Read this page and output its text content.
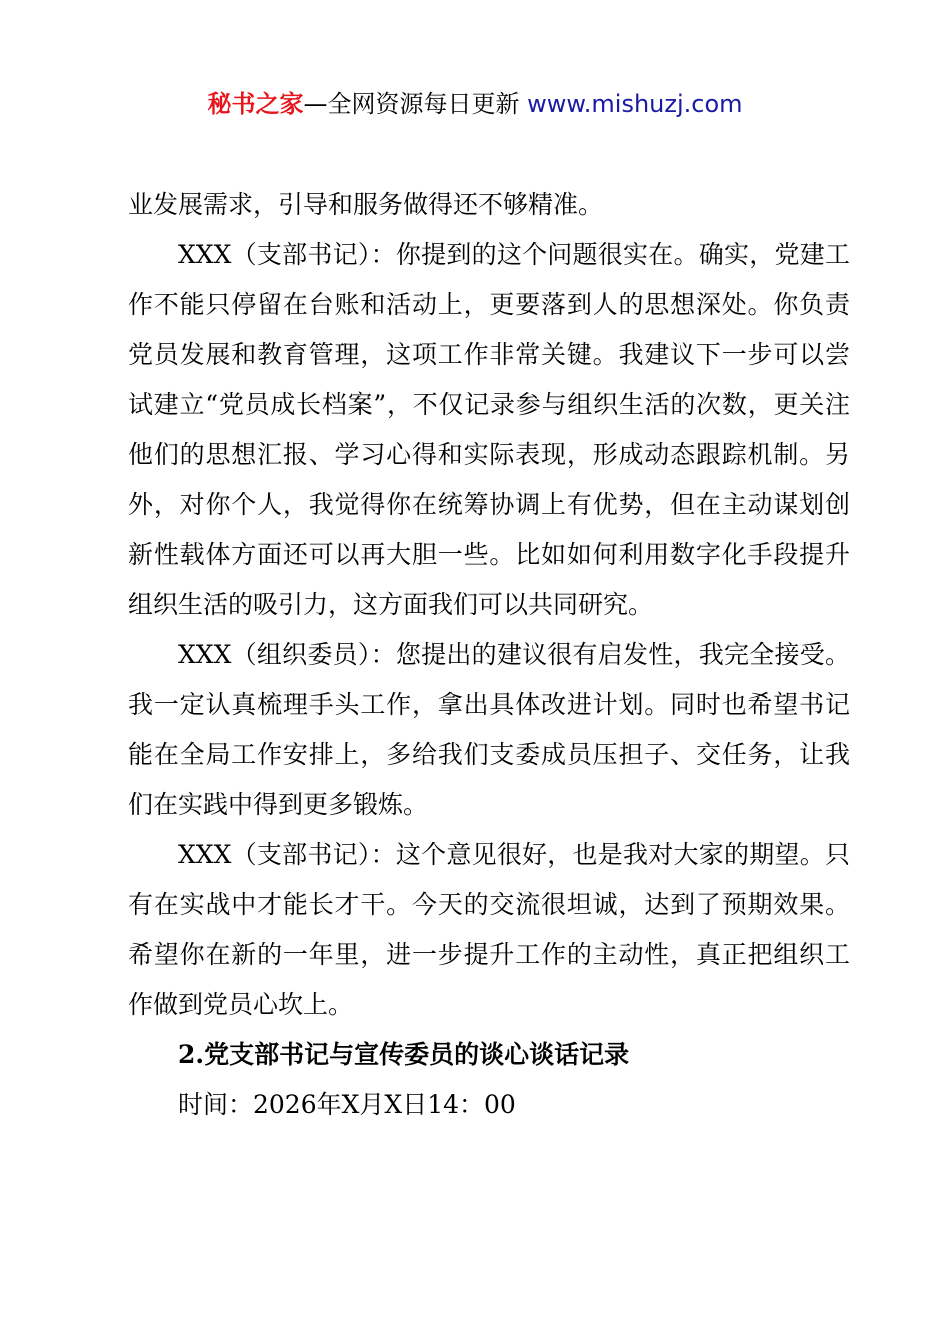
秘书之家—全网资源每日更新 www.mishuzj.com

业发展需求，引导和服务做得还不够精准。

XXX（支部书记）：你提到的这个问题很实在。确实，党建工作不能只停留在台账和活动上，更要落到人的思想深处。你负责党员发展和教育管理，这项工作非常关键。我建议下一步可以尝试建立“党员成长档案”，不仅记录参与组织生活的次数，更关注他们的思想汇报、学习心得和实际表现，形成动态跟踪机制。另外，对你个人，我觉得你在统筹协调上有优势，但在主动谋划创新性载体方面还可以再大胆一些。比如如何利用数字化手段提升组织生活的吸引力，这方面我们可以共同研究。

XXX（组织委员）：您提出的建议很有启发性，我完全接受。我一定认真梳理手头工作，拿出具体改进计划。同时也希望书记能在全局工作安排上，多给我们支委成员压担子、交任务，让我们在实践中得到更多锻炼。

XXX（支部书记）：这个意见很好，也是我对大家的期望。只有在实战中才能长才干。今天的交流很坦诚，达到了预期效果。希望你在新的一年里，进一步提升工作的主动性，真正把组织工作做到党员心坎上。

2.党支部书记与宣传委员的谈心谈话记录

时间：2026年X月X日14：00
